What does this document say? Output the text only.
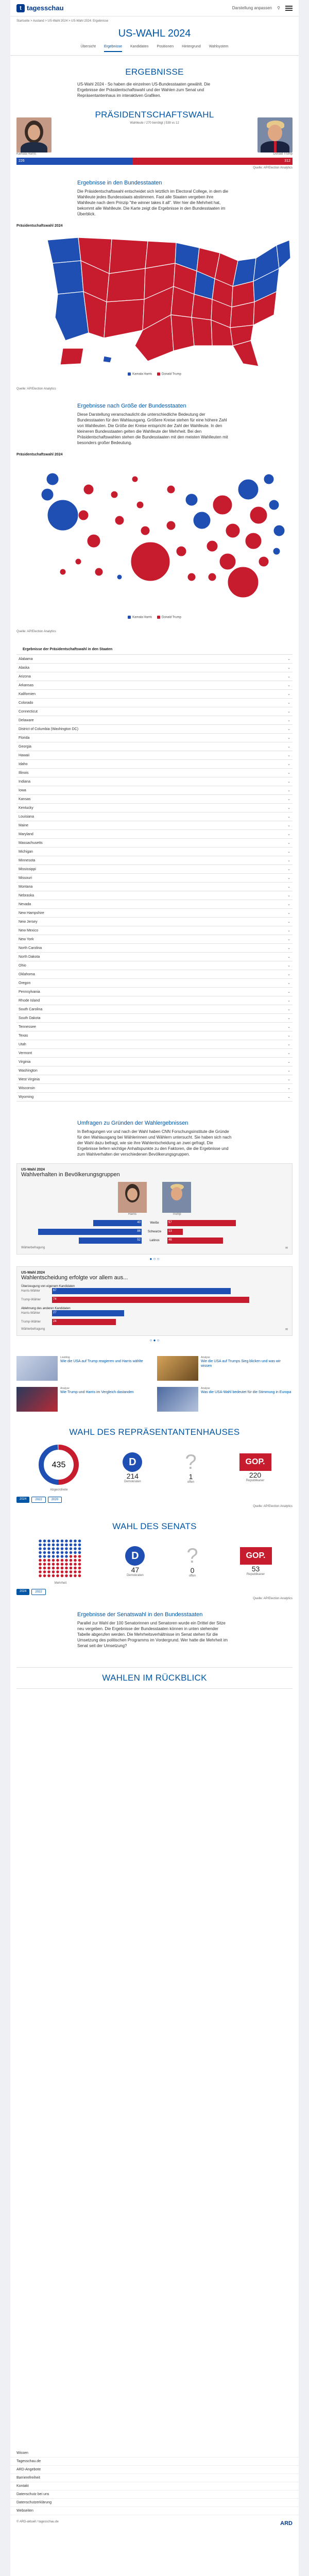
t tagesschau	Darstellung anpassen ⚲
Startseite > Ausland > US-Wahl 2024 > US-Wahl 2024: Ergebnisse
US-WAHL 2024
Übersicht Ergebnisse Kandidaten Positionen Hintergrund Wahlsystem
ERGEBNISSE

US-Wahl 2024 - So haben die einzelnen US-Bundesstaaten gewählt. Die Ergebnisse der Präsidentschaftswahl und der Wahlen zum Senat und Repräsentantenhaus im interaktiven Grafiken.

PRÄSIDENTSCHAFTSWAHL
Wahlleute / 270 benötigt | 538 vs 12
Kamala Harris	Donald Trump
226	312
Quelle: AP/Election Analytics
Ergebnisse in den Bundesstaaten

Die Präsidentschaftswahl entscheidet sich letztlich im Electoral College, in dem die Wahlleute jedes Bundesstaats abstimmen. Fast alle Staaten vergeben ihre Wahlleute nach dem Prinzip "the winner takes it all". Wer hier die Mehrheit hat, bekommt alle Wahlleute. Die Karte zeigt die Ergebnisse in den Bundesstaaten im Überblick.

Präsidentschaftswahl 2024
Kamala Harris	Donald Trump
Quelle: AP/Election Analytics
Ergebnisse nach Größe der Bundesstaaten

Diese Darstellung veranschaulicht die unterschiedliche Bedeutung der Bundesstaaten für den Wahlausgang. Größere Kreise stehen für eine höhere Zahl von Wahlleuten. Die Größe der Kreise entspricht der Zahl der Wahlleute. In den kleineren Bundesstaaten gelten die Wahlleute der Mehrheit. Bei den Präsidentschaftswahlen stehen die Bundesstaaten mit den meisten Wahlleuten mit besonders großer Bedeutung.

Präsidentschaftswahl 2024
Kamala Harris	Donald Trump
Quelle: AP/Election Analytics
Ergebnisse der Präsidentschaftswahl in den Staaten
Alabama	⌄
Alaska	⌄
Arizona	⌄
Arkansas	⌄
Kalifornien	⌄
Colorado	⌄
Connecticut	⌄
Delaware	⌄
District of Columbia (Washington DC)	⌄
Florida	⌄
Georgia	⌄
Hawaii	⌄
Idaho	⌄
Illinois	⌄
Indiana	⌄
Iowa	⌄
Kansas	⌄
Kentucky	⌄
Louisiana	⌄
Maine	⌄
Maryland	⌄
Massachusetts	⌄
Michigan	⌄
Minnesota	⌄
Mississippi	⌄
Missouri	⌄
Montana	⌄
Nebraska	⌄
Nevada	⌄
New Hampshire	⌄
New Jersey	⌄
New Mexico	⌄
New York	⌄
North Carolina	⌄
North Dakota	⌄
Ohio	⌄
Oklahoma	⌄
Oregon	⌄
Pennsylvania	⌄
Rhode Island	⌄
South Carolina	⌄
South Dakota	⌄
Tennessee	⌄
Texas	⌄
Utah	⌄
Vermont	⌄
Virginia	⌄
Washington	⌄
West Virginia	⌄
Wisconsin	⌄
Wyoming	⌄
Umfragen zu Gründen der Wahlergebnissen

In Befragungen vor und nach der Wahl haben CNN Forschungsinstitute die Gründe für den Wahlausgang bei Wählerinnen und Wählern untersucht. Sie haben sich nach der Wahl dazu befragt, wie sie ihre Wahlentscheidung an zwei gefragt. Die Ergebnisse liefern wichtige Anhaltspunkte zu den Faktoren, die die Ergebnisse und zum Wahlverhalten der verschiedenen Bevölkerungsgruppen.

US-Wahl 2024
Wahlverhalten in Bevölkerungsgruppen
Harris	Trump
40	Weiße	57
86	Schwarze	13
52	Latinos	46
Wählerbefragung	✉
● ○ ○
US-Wahl 2024
Wahlentscheidung erfolgte vor allem aus...
Überzeugung von eigenem Kandidaten
Harris-Wähler	67
Trump-Wähler	74
Ablehnung des anderen Kandidaten
Harris-Wähler	27
Trump-Wähler	24
Wählerbefragung	✉
○ ● ○
Liveblog
Wie die USA auf Trump reagieren und Harris wählte
Analyse
Wie die USA auf Trumps Sieg blicken und was wir wissen
Analyse
Wie Trump und Harris im Vergleich dastanden
Analyse
Was die USA-Wahl bedeutet für die Stimmung in Europa
WAHL DES REPRÄSENTANTENHAUSES
435
Abgeordnete
D
214
Demokraten
?
1
offen
GOP.
220
Republikaner
2024	2022	2020
Quelle: AP/Election Analytics
WAHL DES SENATS
Mehrheit
D
47
Demokraten
?
0
offen
GOP.
53
Republikaner
2024	2022
Quelle: AP/Election Analytics
Ergebnisse der Senatswahl in den Bundesstaaten

Parallel zur Wahl der 100 Senatorinnen und Senatoren wurde ein Drittel der Sitze neu vergeben. Die Ergebnisse der Bundesstaaten können in unten stehender Tabelle abgerufen werden. Die Mehrheitsverhältnisse im Senat stehen für die Umsetzung des politischen Programms im Vordergrund. Wer hatte die Mehrheit im Senat seit der Umsetzung?

WAHLEN IM RÜCKBLICK
Wissen
Tagesschau.de
ARD-Angebote
Barrierefreiheit
Kontakt
Datenschutz bei uns
Datenschutzerklärung
Webseiten
© ARD-aktuell / tagesschau.de	ARD
